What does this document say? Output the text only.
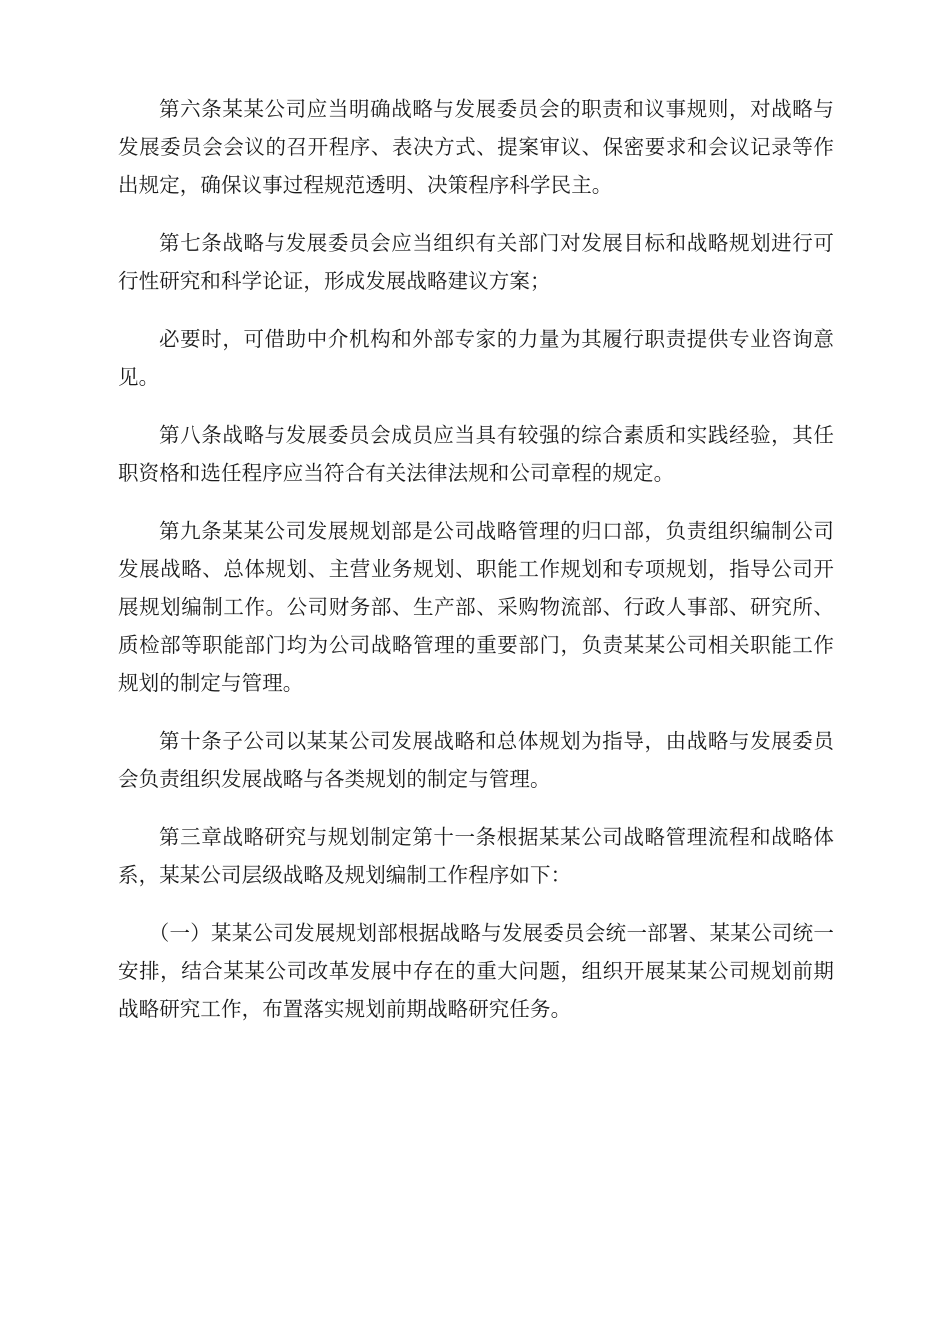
第六条某某公司应当明确战略与发展委员会的职责和议事规则，对战略与发展委员会会议的召开程序、表决方式、提案审议、保密要求和会议记录等作出规定，确保议事过程规范透明、决策程序科学民主。

第七条战略与发展委员会应当组织有关部门对发展目标和战略规划进行可行性研究和科学论证，形成发展战略建议方案；

必要时，可借助中介机构和外部专家的力量为其履行职责提供专业咨询意见。

第八条战略与发展委员会成员应当具有较强的综合素质和实践经验，其任职资格和选任程序应当符合有关法律法规和公司章程的规定。

第九条某某公司发展规划部是公司战略管理的归口部，负责组织编制公司发展战略、总体规划、主营业务规划、职能工作规划和专项规划，指导公司开展规划编制工作。公司财务部、生产部、采购物流部、行政人事部、研究所、质检部等职能部门均为公司战略管理的重要部门，负责某某公司相关职能工作规划的制定与管理。

第十条子公司以某某公司发展战略和总体规划为指导，由战略与发展委员会负责组织发展战略与各类规划的制定与管理。

第三章战略研究与规划制定第十一条根据某某公司战略管理流程和战略体系，某某公司层级战略及规划编制工作程序如下：

（一）某某公司发展规划部根据战略与发展委员会统一部署、某某公司统一安排，结合某某公司改革发展中存在的重大问题，组织开展某某公司规划前期战略研究工作，布置落实规划前期战略研究任务。
